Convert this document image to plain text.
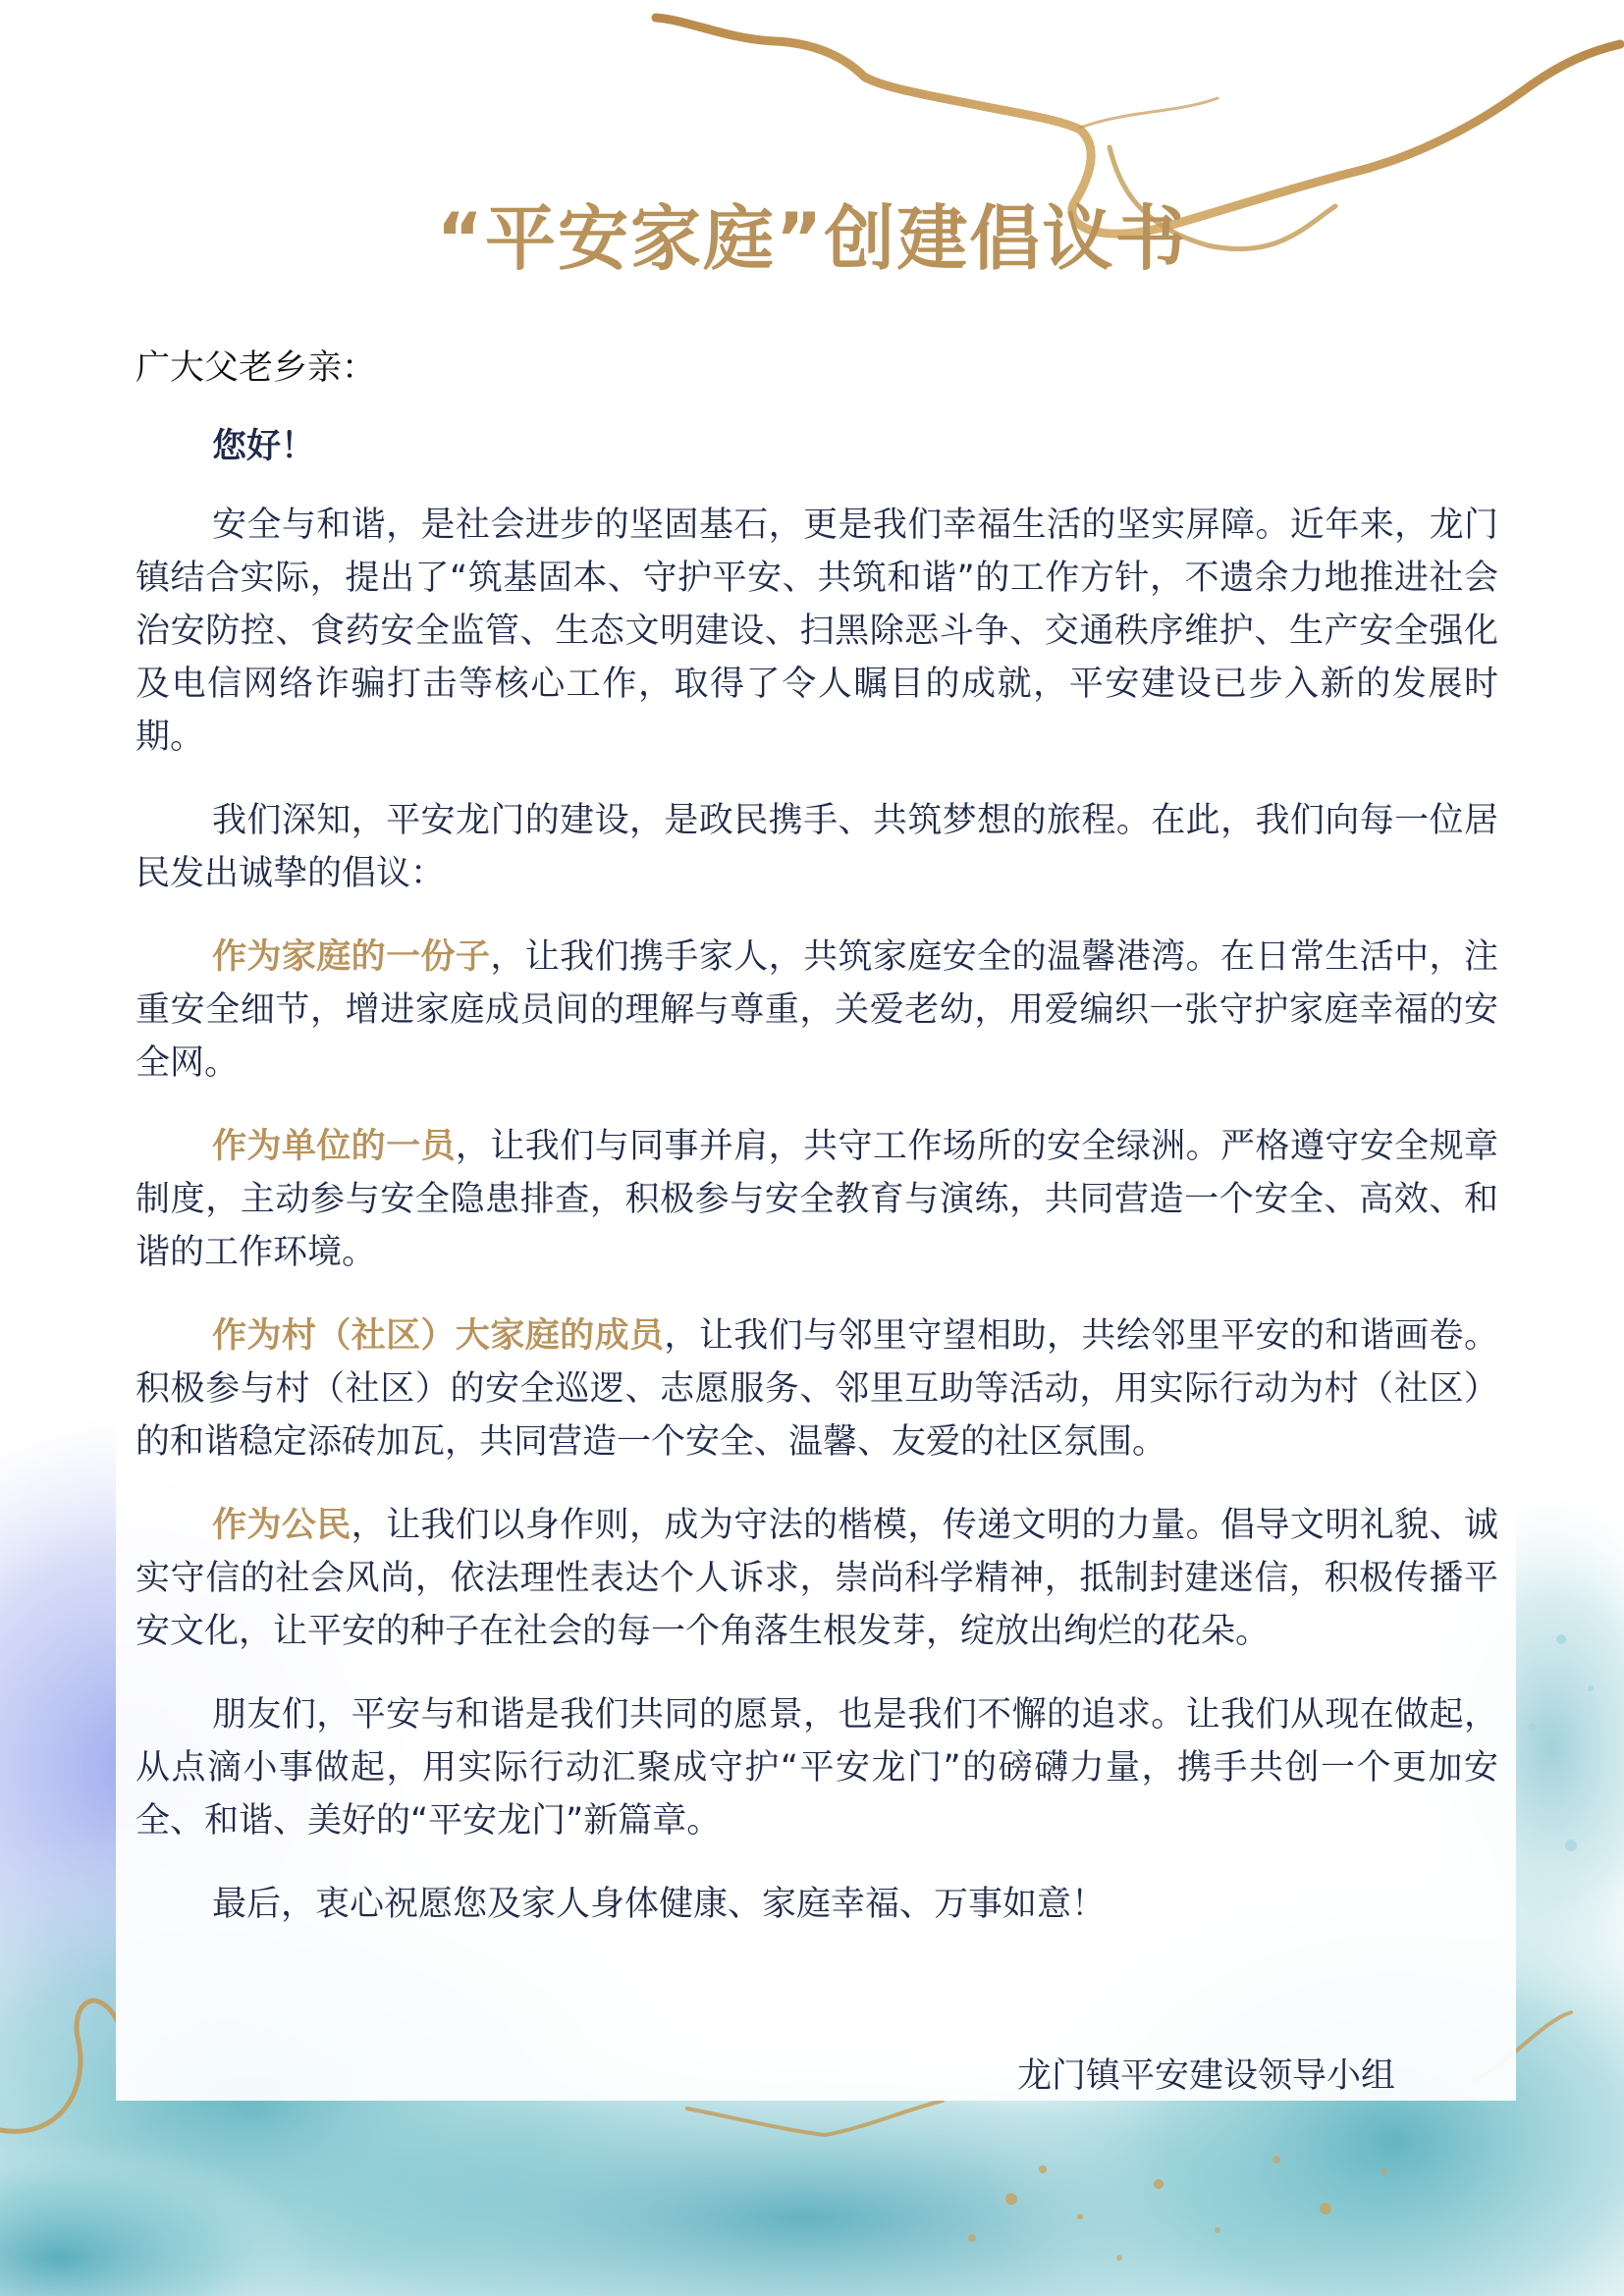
“平安家庭”创建倡议书

广大父老乡亲：

您好！

安全与和谐，是社会进步的坚固基石，更是我们幸福生活的坚实屏障。近年来，龙门镇结合实际，提出了“筑基固本、守护平安、共筑和谐”的工作方针，不遗余力地推进社会治安防控、食药安全监管、生态文明建设、扫黑除恶斗争、交通秩序维护、生产安全强化及电信网络诈骗打击等核心工作，取得了令人瞩目的成就，平安建设已步入新的发展时期。

我们深知，平安龙门的建设，是政民携手、共筑梦想的旅程。在此，我们向每一位居民发出诚挚的倡议：

作为家庭的一份子，让我们携手家人，共筑家庭安全的温馨港湾。在日常生活中，注重安全细节，增进家庭成员间的理解与尊重，关爱老幼，用爱编织一张守护家庭幸福的安全网。

作为单位的一员，让我们与同事并肩，共守工作场所的安全绿洲。严格遵守安全规章制度，主动参与安全隐患排查，积极参与安全教育与演练，共同营造一个安全、高效、和谐的工作环境。

作为村（社区）大家庭的成员，让我们与邻里守望相助，共绘邻里平安的和谐画卷。积极参与村（社区）的安全巡逻、志愿服务、邻里互助等活动，用实际行动为村（社区）的和谐稳定添砖加瓦，共同营造一个安全、温馨、友爱的社区氛围。

作为公民，让我们以身作则，成为守法的楷模，传递文明的力量。倡导文明礼貌、诚实守信的社会风尚，依法理性表达个人诉求，崇尚科学精神，抵制封建迷信，积极传播平安文化，让平安的种子在社会的每一个角落生根发芽，绽放出绚烂的花朵。

朋友们，平安与和谐是我们共同的愿景，也是我们不懈的追求。让我们从现在做起，从点滴小事做起，用实际行动汇聚成守护“平安龙门”的磅礴力量，携手共创一个更加安全、和谐、美好的“平安龙门”新篇章。

最后，衷心祝愿您及家人身体健康、家庭幸福、万事如意！

龙门镇平安建设领导小组
